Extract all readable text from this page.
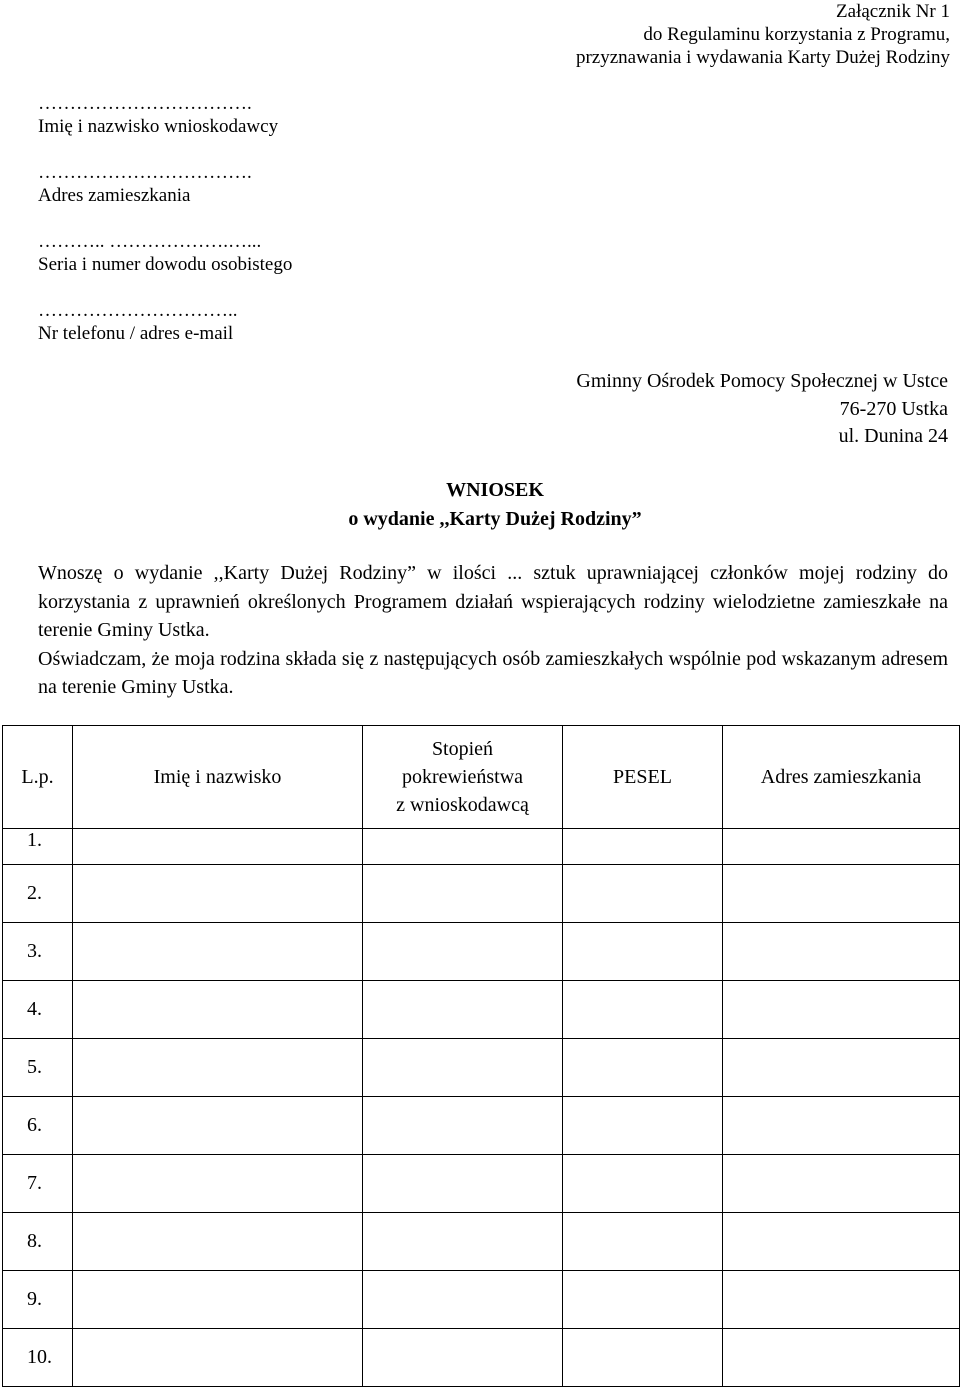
Załącznik Nr 1
do Regulaminu korzystania z Programu,
przyznawania i wydawania Karty Dużej Rodziny
…………………………….
Imię i nazwisko wnioskodawcy
…………………………….
Adres zamieszkania
……….. ……………….…...
Seria i numer dowodu osobistego
…………………………..
Nr telefonu / adres e-mail
Gminny Ośrodek Pomocy Społecznej w Ustce
76-270 Ustka
ul. Dunina 24
WNIOSEK
o wydanie ,,Karty Dużej Rodziny”

Wnoszę o wydanie ,,Karty Dużej Rodziny” w ilości ... sztuk uprawniającej członków mojej rodziny do korzystania z uprawnień określonych Programem działań wspierających rodziny wielodzietne zamieszkałe na terenie Gminy Ustka.

Oświadczam, że moja rodzina składa się z następujących osób zamieszkałych wspólnie pod wskazanym adresem na terenie Gminy Ustka.

L.p.	Imię i nazwisko	Stopień
pokrewieństwa
z wnioskodawcą	PESEL	Adres zamieszkania
1.				
2.				
3.				
4.				
5.				
6.				
7.				
8.				
9.				
10.				
